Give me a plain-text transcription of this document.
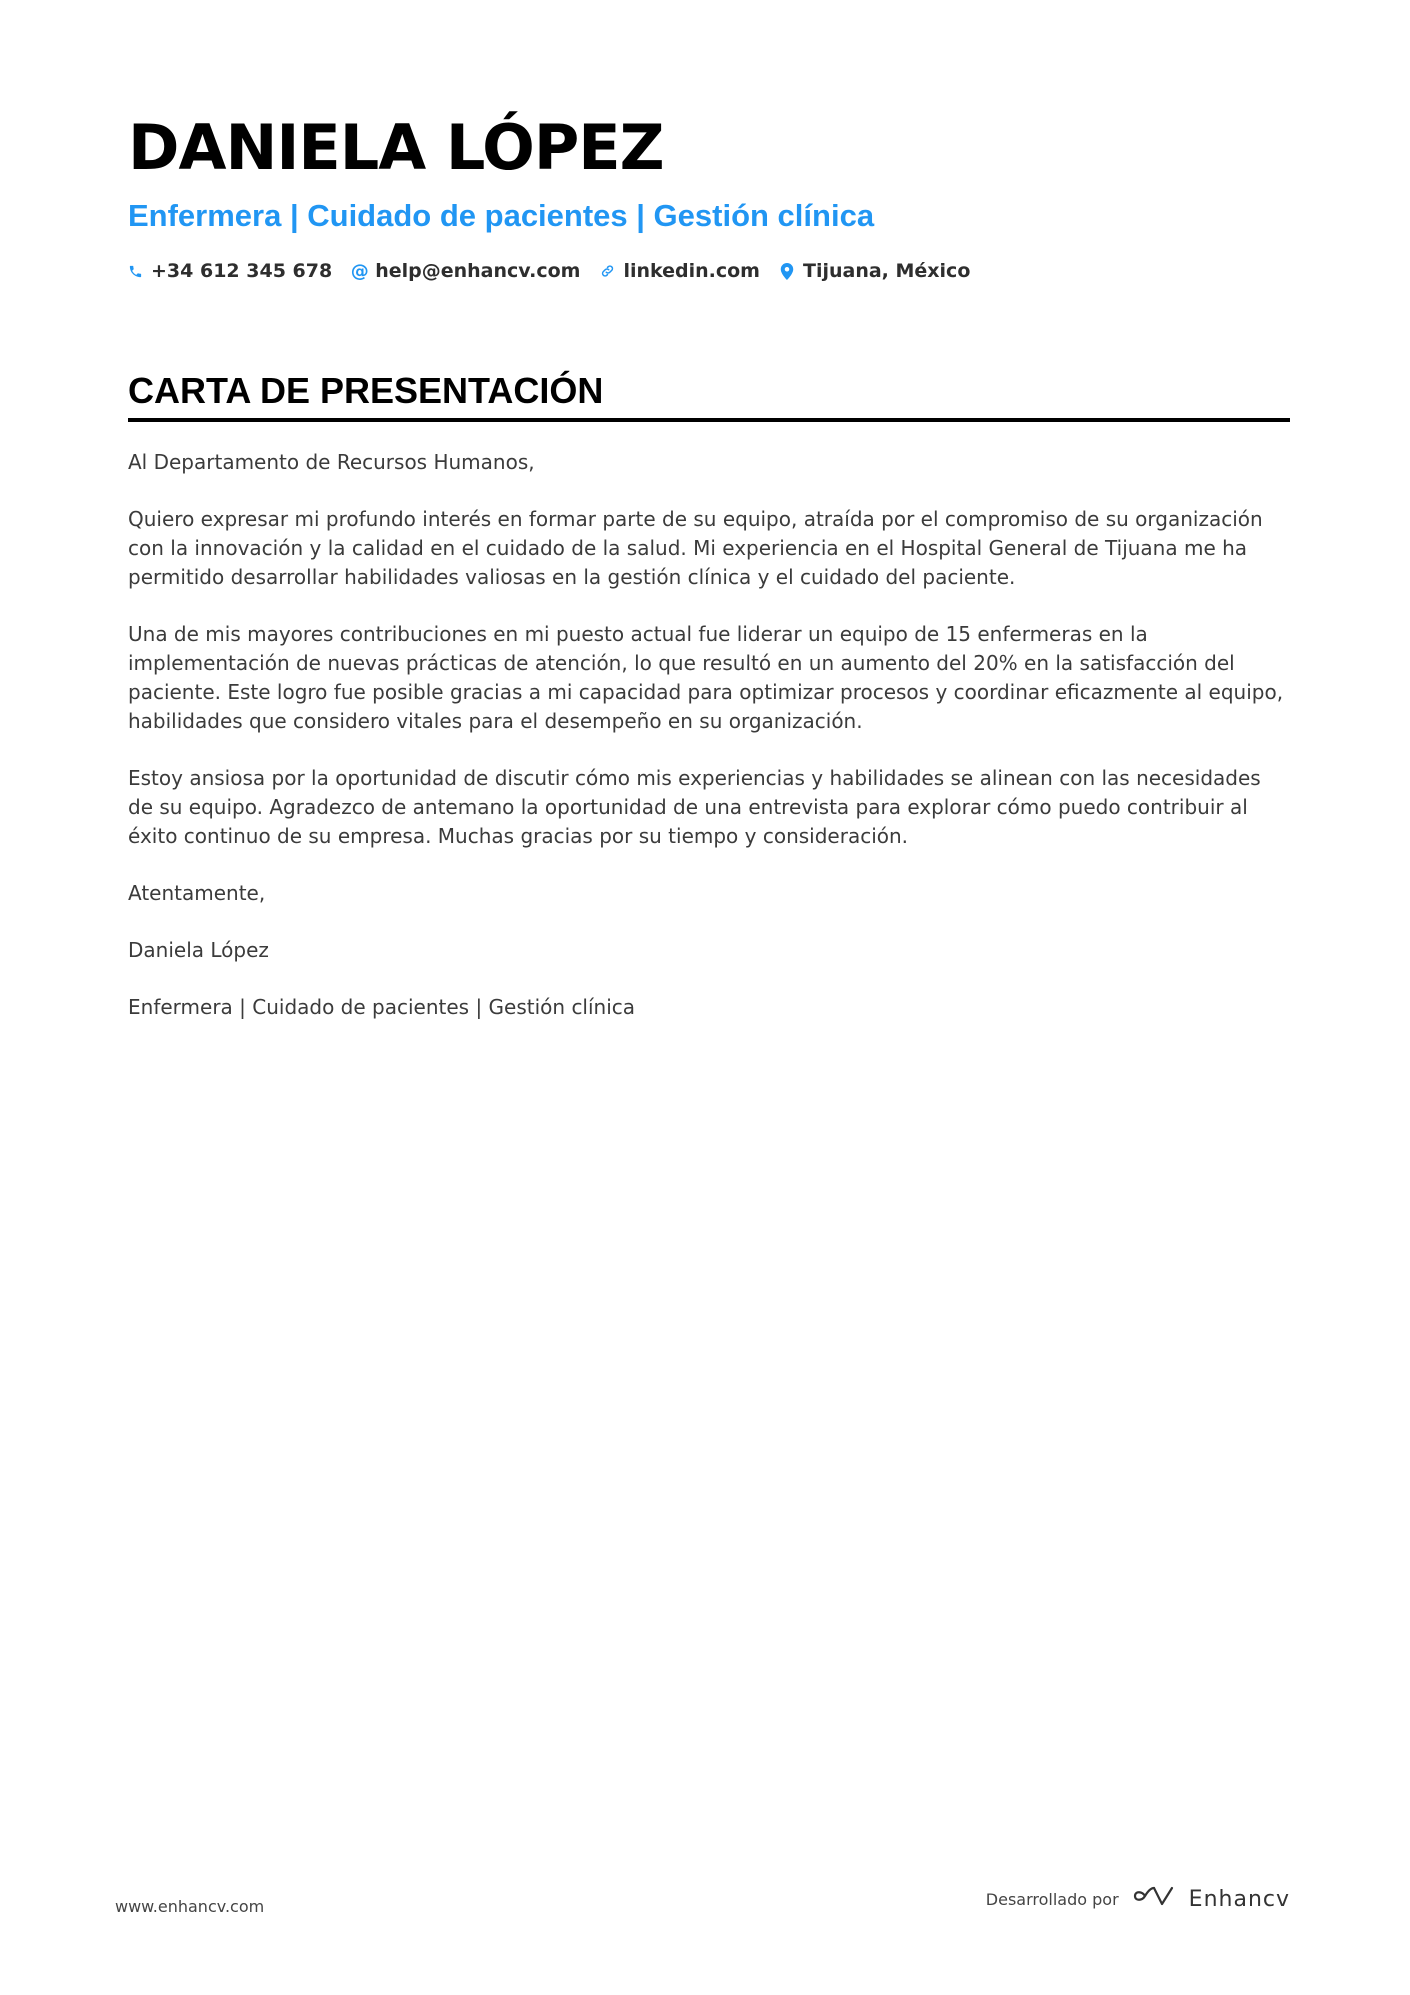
DANIELA LÓPEZ
Enfermera | Cuidado de pacientes | Gestión clínica
+34 612 345 678 @ help@enhancv.com linkedin.com Tijuana, México
CARTA DE PRESENTACIÓN

Al Departamento de Recursos Humanos,

Quiero expresar mi profundo interés en formar parte de su equipo, atraída por el compromiso de su organización con la innovación y la calidad en el cuidado de la salud. Mi experiencia en el Hospital General de Tijuana me ha permitido desarrollar habilidades valiosas en la gestión clínica y el cuidado del paciente.

Una de mis mayores contribuciones en mi puesto actual fue liderar un equipo de 15 enfermeras en la implementación de nuevas prácticas de atención, lo que resultó en un aumento del 20% en la satisfacción del paciente. Este logro fue posible gracias a mi capacidad para optimizar procesos y coordinar eficazmente al equipo, habilidades que considero vitales para el desempeño en su organización.

Estoy ansiosa por la oportunidad de discutir cómo mis experiencias y habilidades se alinean con las necesidades de su equipo. Agradezco de antemano la oportunidad de una entrevista para explorar cómo puedo contribuir al éxito continuo de su empresa. Muchas gracias por su tiempo y consideración.

Atentamente,

Daniela López

Enfermera | Cuidado de pacientes | Gestión clínica

www.enhancv.com	Desarrollado por	Enhancv
